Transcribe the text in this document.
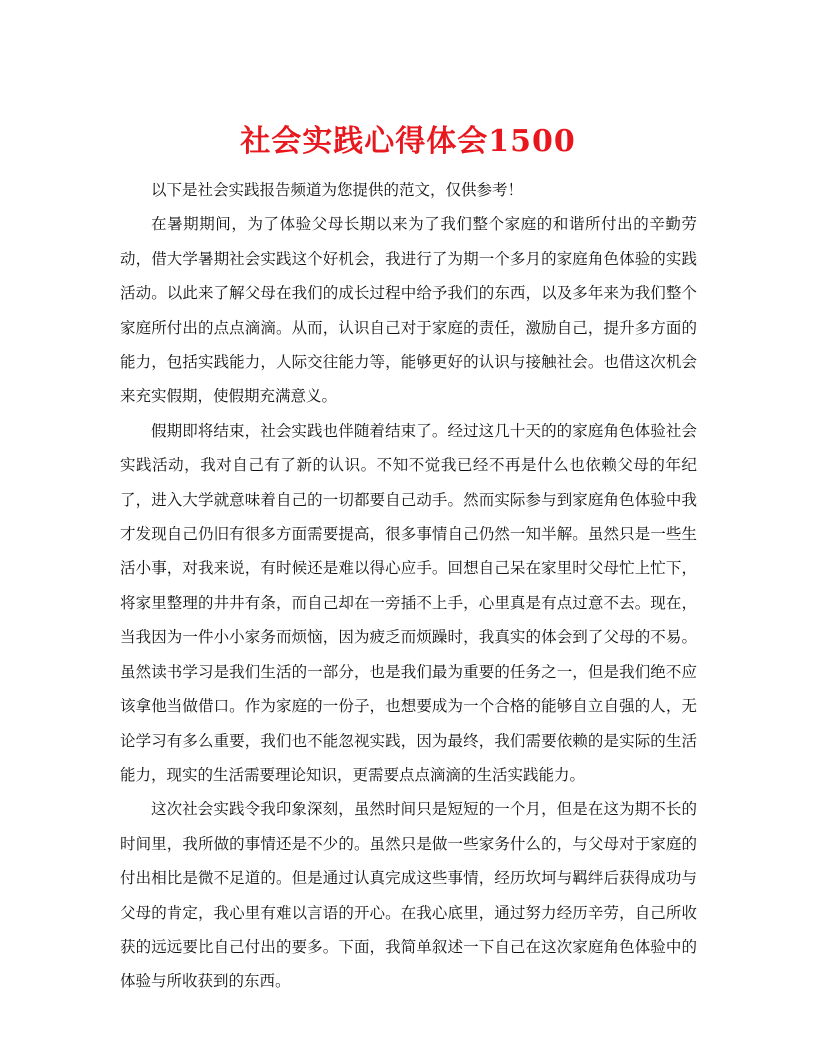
社会实践心得体会1500

以下是社会实践报告频道为您提供的范文，仅供参考！

在暑期期间，为了体验父母长期以来为了我们整个家庭的和谐所付出的辛勤劳动，借大学暑期社会实践这个好机会，我进行了为期一个多月的家庭角色体验的实践活动。以此来了解父母在我们的成长过程中给予我们的东西，以及多年来为我们整个家庭所付出的点点滴滴。从而，认识自己对于家庭的责任，激励自己，提升多方面的能力，包括实践能力，人际交往能力等，能够更好的认识与接触社会。也借这次机会来充实假期，使假期充满意义。

假期即将结束，社会实践也伴随着结束了。经过这几十天的的家庭角色体验社会实践活动，我对自己有了新的认识。不知不觉我已经不再是什么也依赖父母的年纪了，进入大学就意味着自己的一切都要自己动手。然而实际参与到家庭角色体验中我才发现自己仍旧有很多方面需要提高，很多事情自己仍然一知半解。虽然只是一些生活小事，对我来说，有时候还是难以得心应手。回想自己呆在家里时父母忙上忙下，将家里整理的井井有条，而自己却在一旁插不上手，心里真是有点过意不去。现在，当我因为一件小小家务而烦恼，因为疲乏而烦躁时，我真实的体会到了父母的不易。虽然读书学习是我们生活的一部分，也是我们最为重要的任务之一，但是我们绝不应该拿他当做借口。作为家庭的一份子，也想要成为一个合格的能够自立自强的人，无论学习有多么重要，我们也不能忽视实践，因为最终，我们需要依赖的是实际的生活能力，现实的生活需要理论知识，更需要点点滴滴的生活实践能力。

这次社会实践令我印象深刻，虽然时间只是短短的一个月，但是在这为期不长的时间里，我所做的事情还是不少的。虽然只是做一些家务什么的，与父母对于家庭的付出相比是微不足道的。但是通过认真完成这些事情，经历坎坷与羁绊后获得成功与父母的肯定，我心里有难以言语的开心。在我心底里，通过努力经历辛劳，自己所收获的远远要比自己付出的要多。下面，我简单叙述一下自己在这次家庭角色体验中的体验与所收获到的东西。
